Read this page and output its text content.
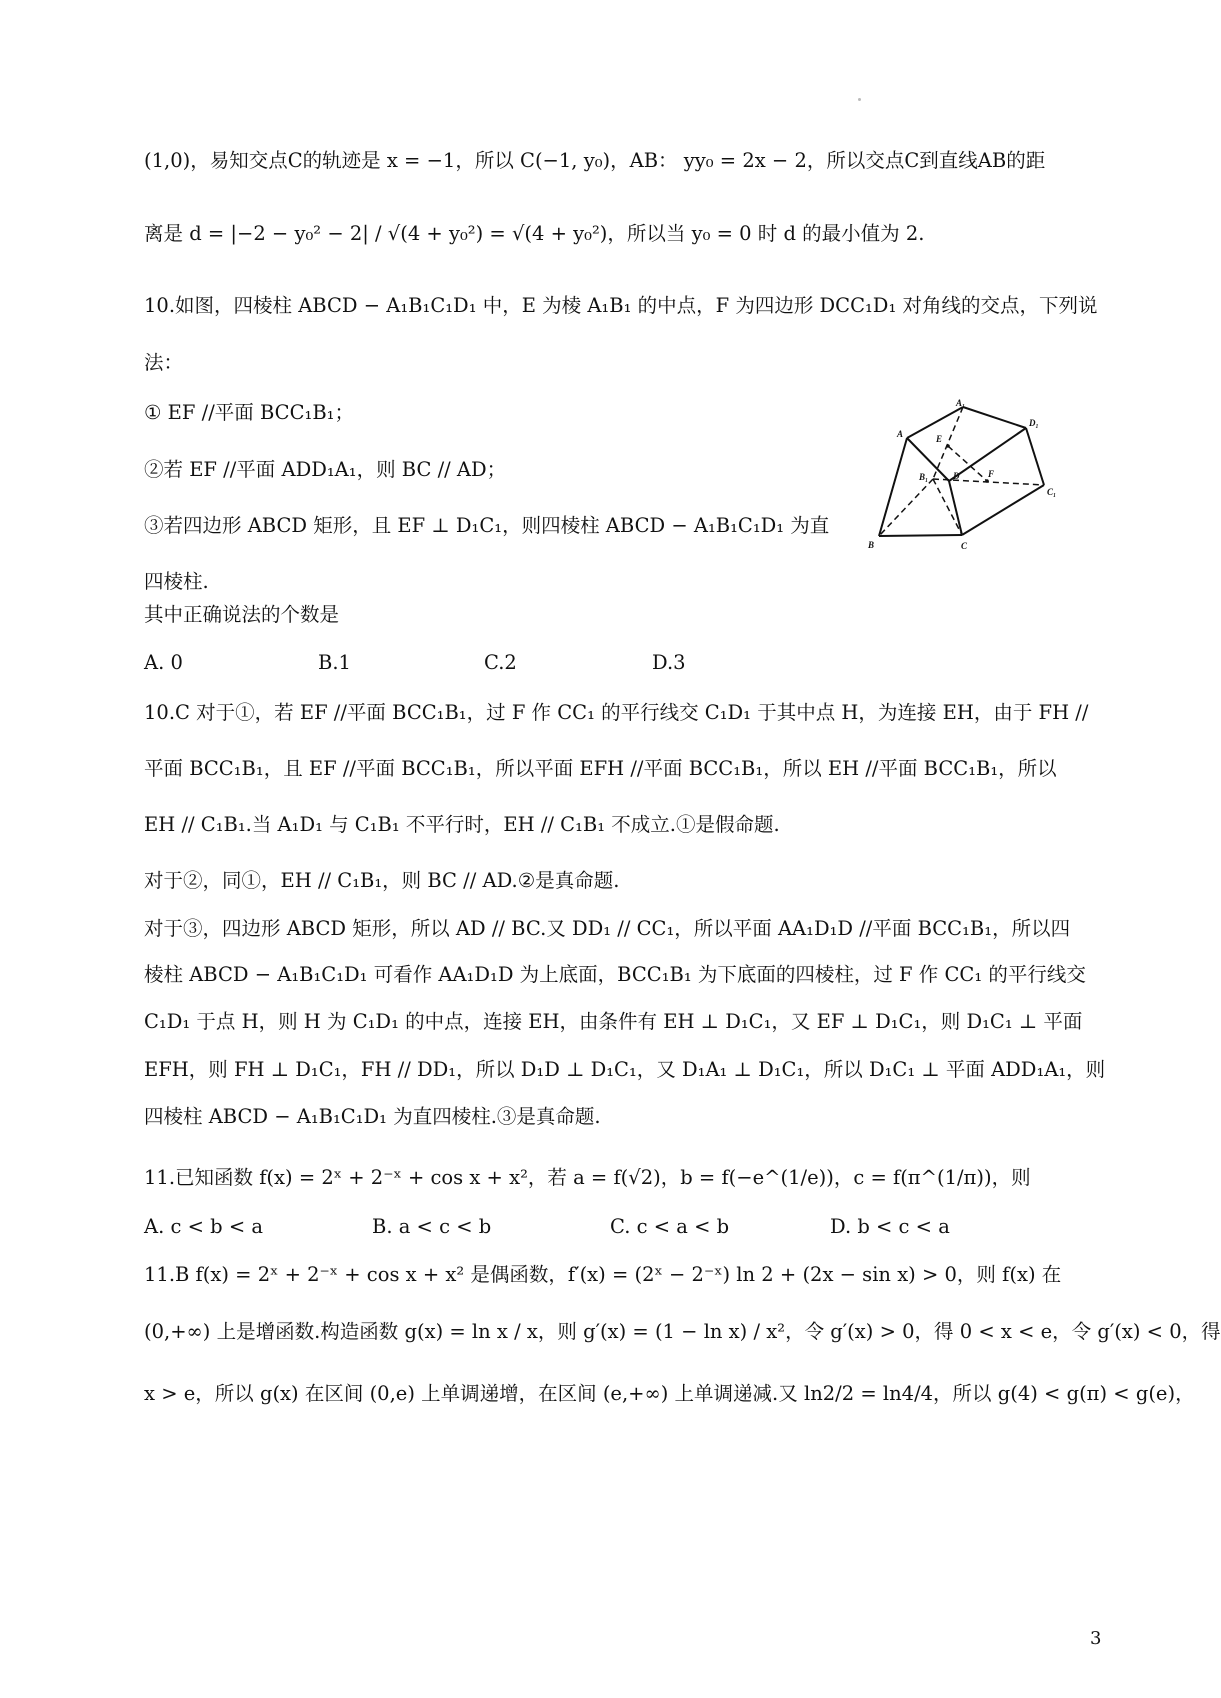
(1,0)，易知交点C的轨迹是 x = −1，所以 C(−1, y₀)，AB： yy₀ = 2x − 2，所以交点C到直线AB的距
离是 d = |−2 − y₀² − 2| / √(4 + y₀²) = √(4 + y₀²)，所以当 y₀ = 0 时 d 的最小值为 2.
10.如图，四棱柱 ABCD − A₁B₁C₁D₁ 中，E 为棱 A₁B₁ 的中点，F 为四边形 DCC₁D₁ 对角线的交点，下列说
法：
① EF //平面 BCC₁B₁；
②若 EF //平面 ADD₁A₁，则 BC // AD；
③若四边形 ABCD 矩形，且 EF ⊥ D₁C₁，则四棱柱 ABCD − A₁B₁C₁D₁ 为直
四棱柱.
其中正确说法的个数是
A. 0	B.1	C.2	D.3
10.C 对于①，若 EF //平面 BCC₁B₁，过 F 作 CC₁ 的平行线交 C₁D₁ 于其中点 H，为连接 EH，由于 FH //
平面 BCC₁B₁，且 EF //平面 BCC₁B₁，所以平面 EFH //平面 BCC₁B₁，所以 EH //平面 BCC₁B₁，所以
EH // C₁B₁.当 A₁D₁ 与 C₁B₁ 不平行时，EH // C₁B₁ 不成立.①是假命题.
对于②，同①，EH // C₁B₁，则 BC // AD.②是真命题.
对于③，四边形 ABCD 矩形，所以 AD // BC.又 DD₁ // CC₁，所以平面 AA₁D₁D //平面 BCC₁B₁，所以四
棱柱 ABCD − A₁B₁C₁D₁ 可看作 AA₁D₁D 为上底面，BCC₁B₁ 为下底面的四棱柱，过 F 作 CC₁ 的平行线交
C₁D₁ 于点 H，则 H 为 C₁D₁ 的中点，连接 EH，由条件有 EH ⊥ D₁C₁，又 EF ⊥ D₁C₁，则 D₁C₁ ⊥ 平面
EFH，则 FH ⊥ D₁C₁，FH // DD₁，所以 D₁D ⊥ D₁C₁，又 D₁A₁ ⊥ D₁C₁，所以 D₁C₁ ⊥ 平面 ADD₁A₁，则
四棱柱 ABCD − A₁B₁C₁D₁ 为直四棱柱.③是真命题.
11.已知函数 f(x) = 2ˣ + 2⁻ˣ + cos x + x²，若 a = f(√2)，b = f(−e^(1/e))，c = f(π^(1/π))，则
A. c < b < a	B. a < c < b	C. c < a < b	D. b < c < a
11.B f(x) = 2ˣ + 2⁻ˣ + cos x + x² 是偶函数，f′(x) = (2ˣ − 2⁻ˣ) ln 2 + (2x − sin x) > 0，则 f(x) 在
(0,+∞) 上是增函数.构造函数 g(x) = ln x / x，则 g′(x) = (1 − ln x) / x²，令 g′(x) > 0，得 0 < x < e，令 g′(x) < 0，得
x > e，所以 g(x) 在区间 (0,e) 上单调递增，在区间 (e,+∞) 上单调递减.又 ln2/2 = ln4/4，所以 g(4) < g(π) < g(e)，
A₁
D₁
A	E
B₁	D	F
C₁
B	C
3
